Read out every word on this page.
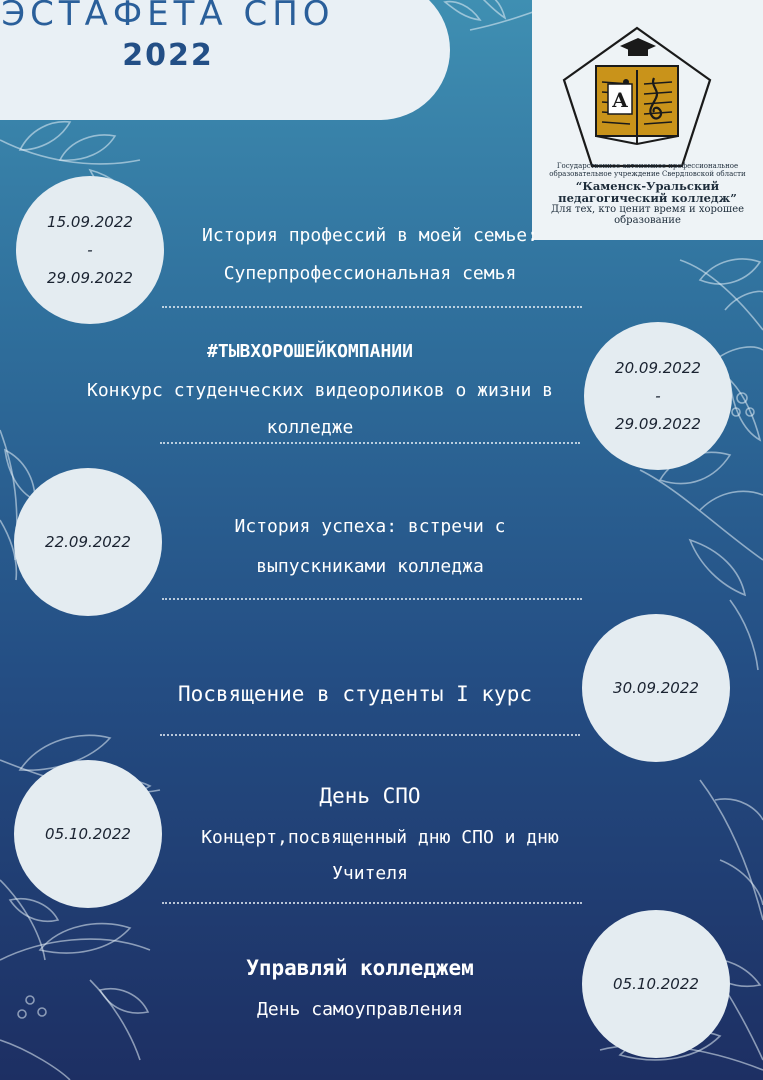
ЭСТАФЕТА СПО
2022
А
Государственное автономное профессиональное образовательное учреждение Свердловской области
“Каменск-Уральский педагогический колледж”
Для тех, кто ценит время и хорошее образование
15.09.2022
-
29.09.2022
История профессий в моей семье:
Суперпрофессиональная семья
20.09.2022
-
29.09.2022
#ТЫВХОРОШЕЙКОМПАНИИ
Конкурс студенческих видеороликов о жизни в
колледже
22.09.2022
История успеха: встречи с
выпускниками колледжа
30.09.2022
Посвящение в студенты I курс
05.10.2022
День СПО
Концерт,посвященный дню СПО и дню
Учителя
05.10.2022
Управляй колледжем
День самоуправления
